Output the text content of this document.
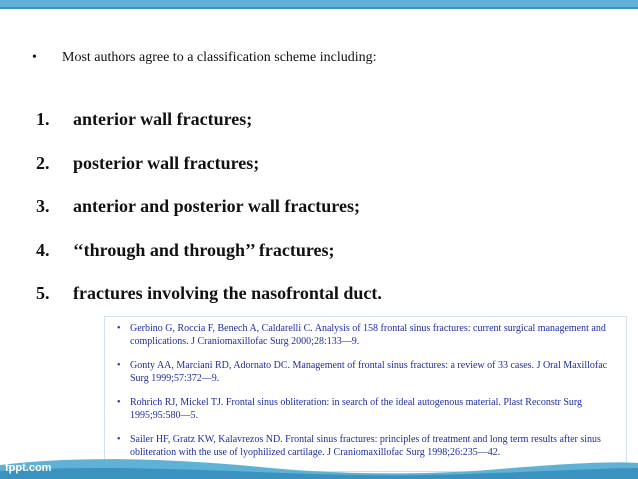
• Most authors agree to a classification scheme including:
1. anterior wall fractures;
2. posterior wall fractures;
3. anterior and posterior wall fractures;
4. ‘‘through and through’’ fractures;
5. fractures involving the nasofrontal duct.
• Gerbino G, Roccia F, Benech A, Caldarelli C. Analysis of 158 frontal sinus fractures: current surgical management and complications. J Craniomaxillofac Surg 2000;28:133—9.
• Gonty AA, Marciani RD, Adornato DC. Management of frontal sinus fractures: a review of 33 cases. J Oral Maxillofac Surg 1999;57:372—9.
• Rohrich RJ, Mickel TJ. Frontal sinus obliteration: in search of the ideal autogenous material. Plast Reconstr Surg 1995;95:580—5.
• Sailer HF, Gratz KW, Kalavrezos ND. Frontal sinus fractures: principles of treatment and long term results after sinus obliteration with the use of lyophilized cartilage. J Craniomaxillofac Surg 1998;26:235—42.
fppt.com
